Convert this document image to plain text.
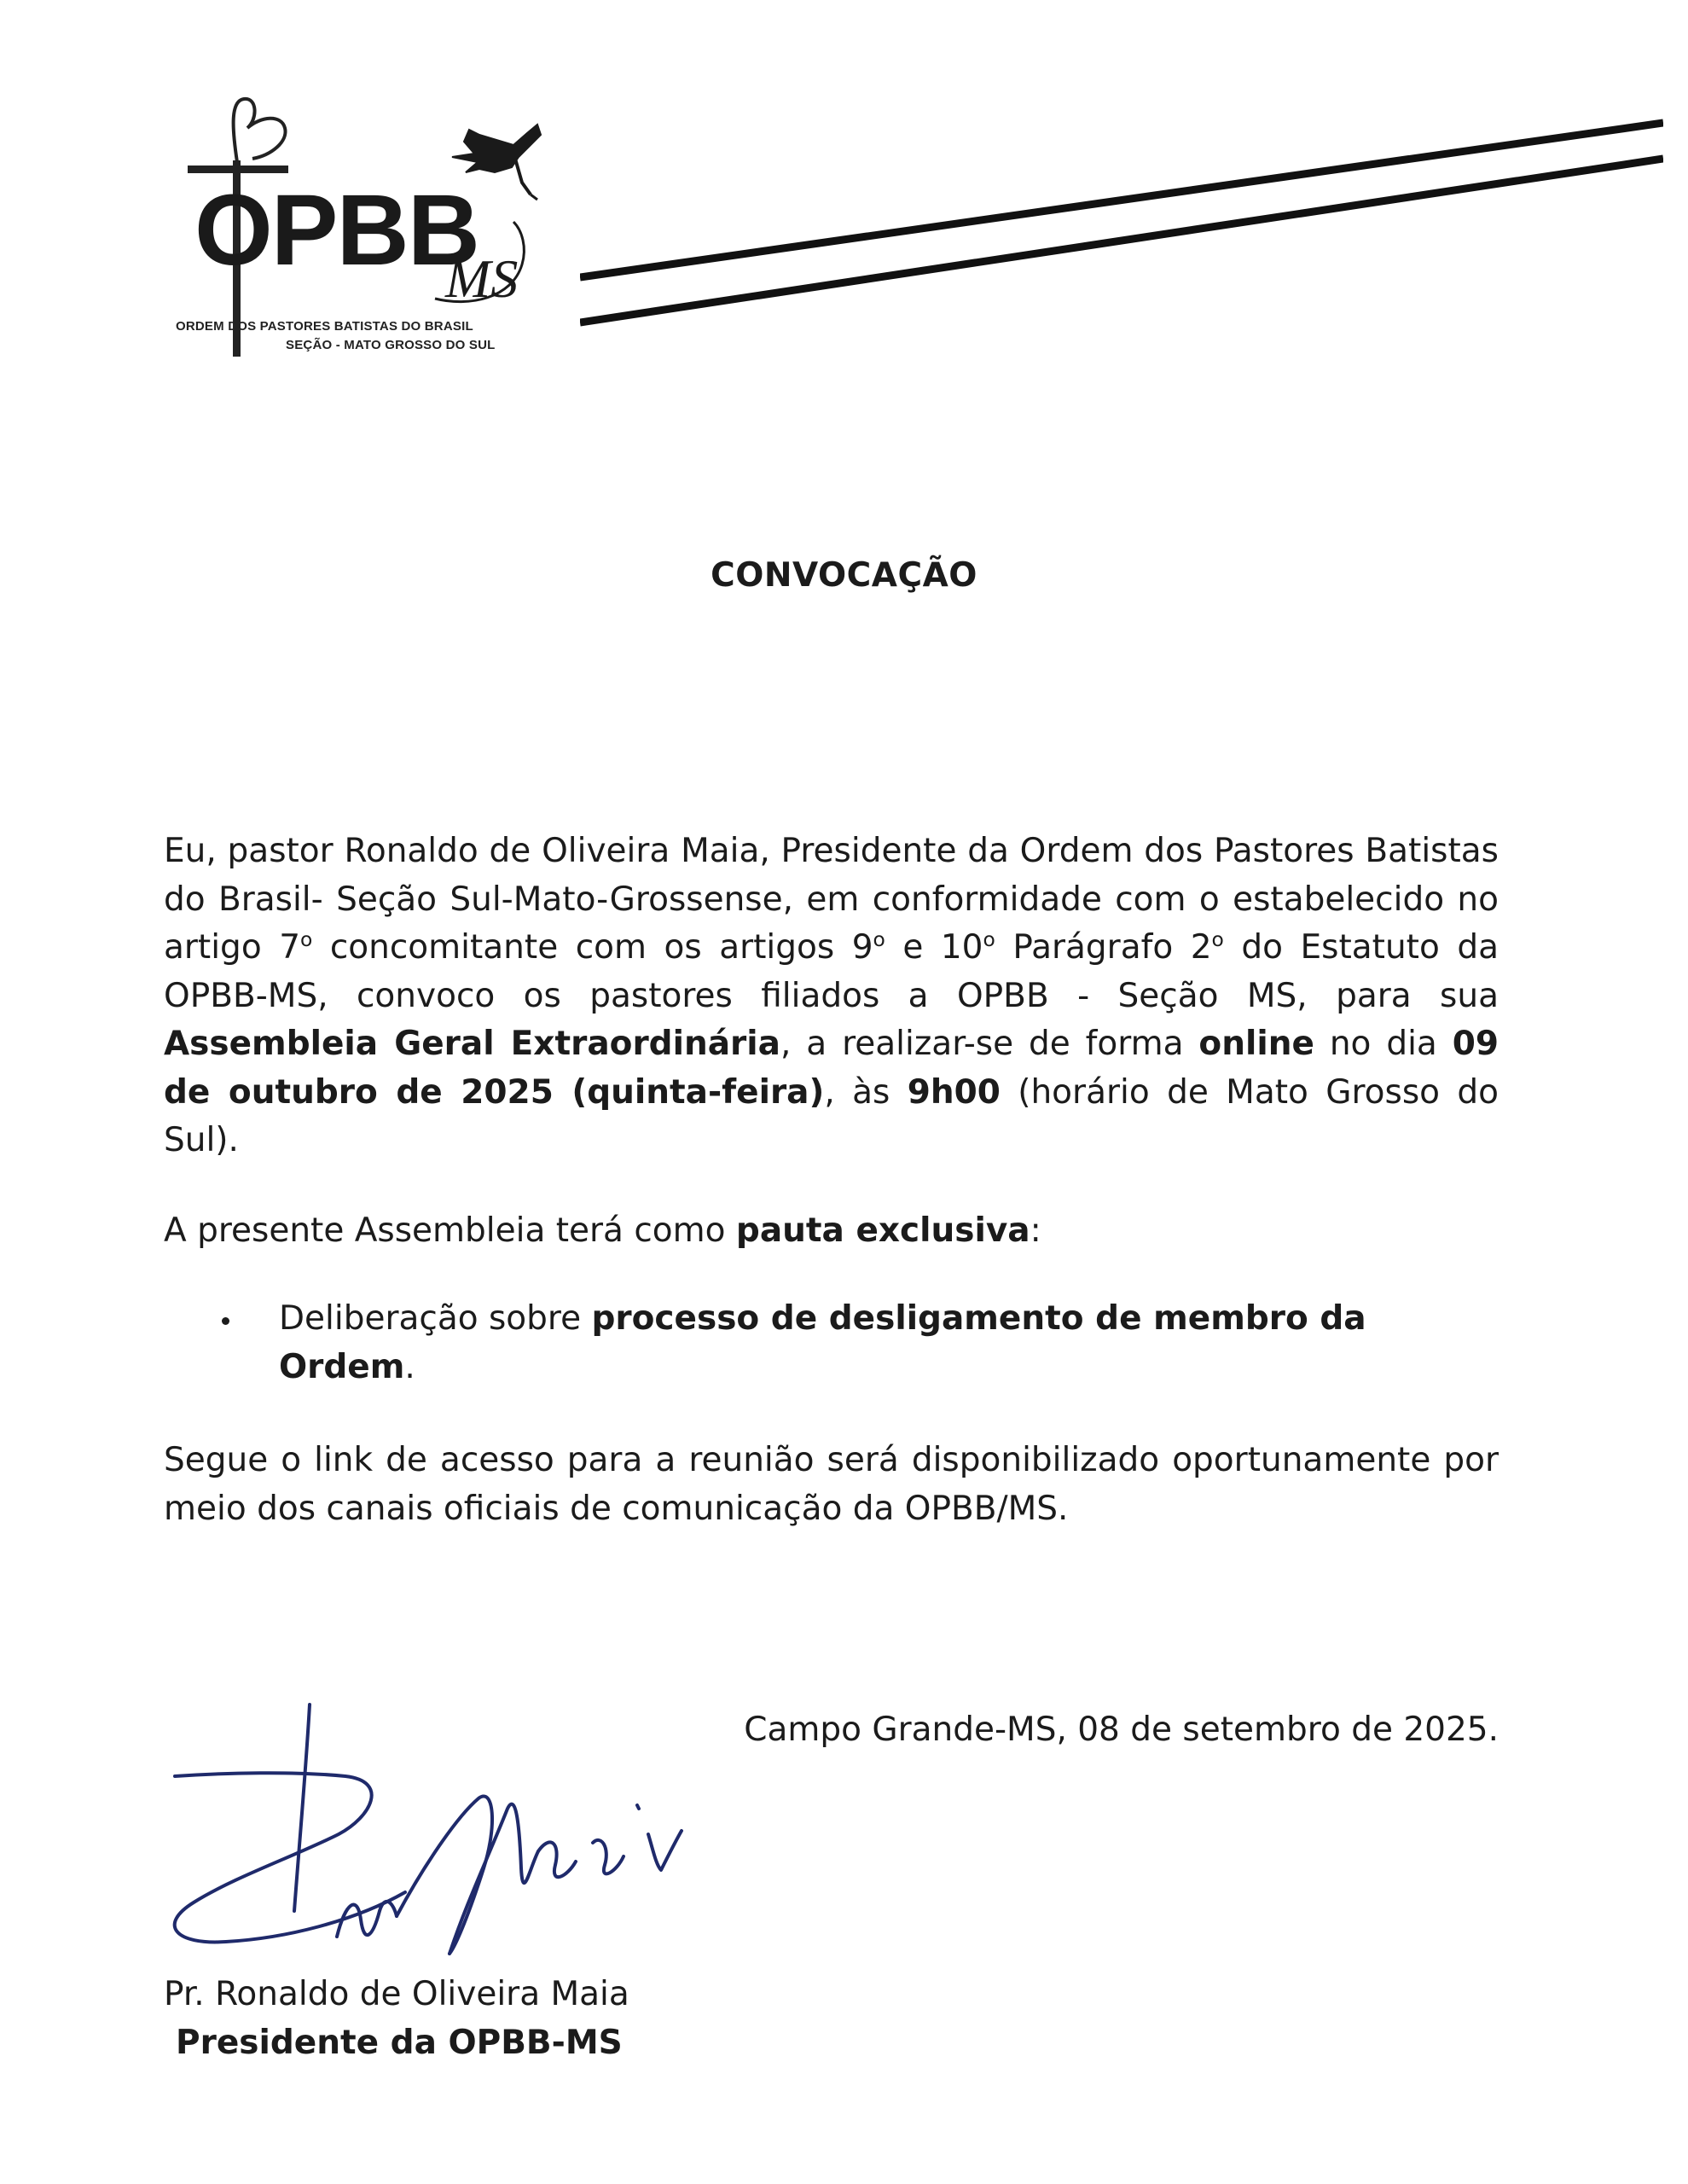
OPBB
MS
ORDEM DOS PASTORES BATISTAS DO BRASIL
SEÇÃO - MATO GROSSO DO SUL
CONVOCAÇÃO

Eu, pastor Ronaldo de Oliveira Maia, Presidente da Ordem dos Pastores Batistas do Brasil- Seção Sul-Mato-Grossense, em conformidade com o estabelecido no artigo 7$^o$ concomitante com os artigos 9$^o$ e 10$^o$ Parágrafo 2$^o$ do Estatuto da OPBB-MS, convoco os pastores filiados a OPBB - Seção MS, para sua Assembleia Geral Extraordinária, a realizar-se de forma online no dia 09 de outubro de 2025 (quinta-feira), às 9h00 (horário de Mato Grosso do Sul).

A presente Assembleia terá como pauta exclusiva:

Deliberação sobre processo de desligamento de membro da Ordem.

Segue o link de acesso para a reunião será disponibilizado oportunamente por meio dos canais oficiais de comunicação da OPBB/MS.

Campo Grande-MS, 08 de setembro de 2025.
Pr. Ronaldo de Oliveira Maia
Presidente da OPBB-MS
